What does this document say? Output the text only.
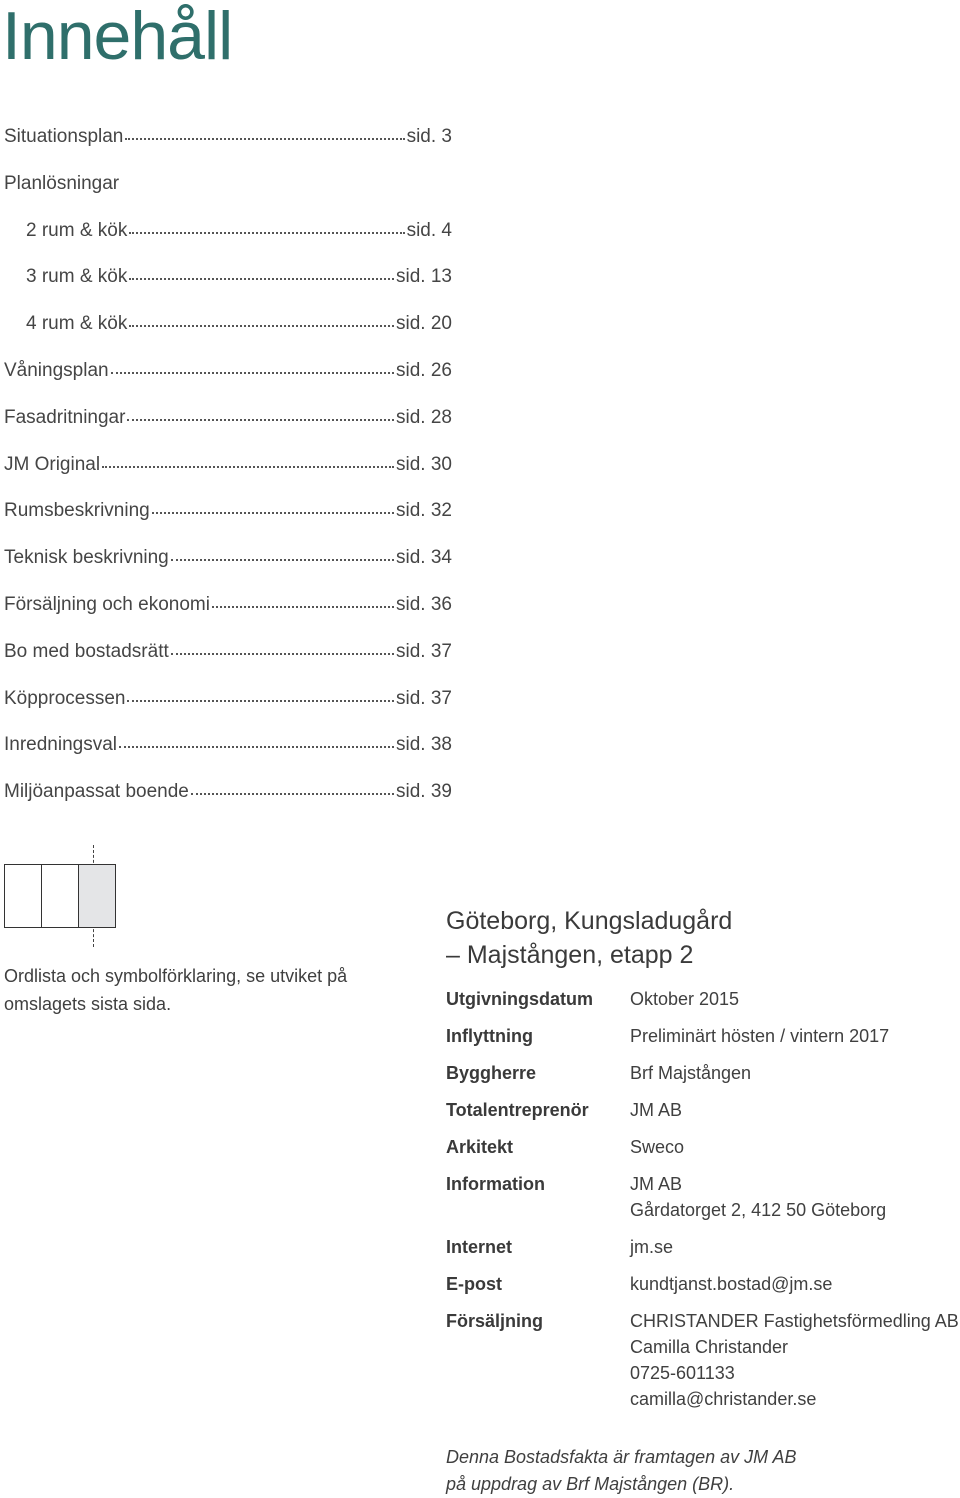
Innehåll
Situationsplan	sid. 3
Planlösningar
2 rum & kök	sid. 4
3 rum & kök	sid. 13
4 rum & kök	sid. 20
Våningsplan	sid. 26
Fasadritningar	sid. 28
JM Original	sid. 30
Rumsbeskrivning	sid. 32
Teknisk beskrivning	sid. 34
Försäljning och ekonomi	sid. 36
Bo med bostadsrätt	sid. 37
Köpprocessen	sid. 37
Inredningsval	sid. 38
Miljöanpassat boende	sid. 39
Ordlista och symbolförklaring, se utviket på omslagets sista sida.
Göteborg, Kungsladugård
– Majstången, etapp 2
Utgivningsdatum	Oktober 2015
Inflyttning	Preliminärt hösten / vintern 2017
Byggherre	Brf Majstången
Totalentreprenör	JM AB
Arkitekt	Sweco
Information	JM AB
Gårdatorget 2, 412 50 Göteborg
Internet	jm.se
E-post	kundtjanst.bostad@jm.se
Försäljning	CHRISTANDER Fastighetsförmedling AB
Camilla Christander
0725-601133
camilla@christander.se
Denna Bostadsfakta är framtagen av JM AB
på uppdrag av Brf Majstången (BR).
